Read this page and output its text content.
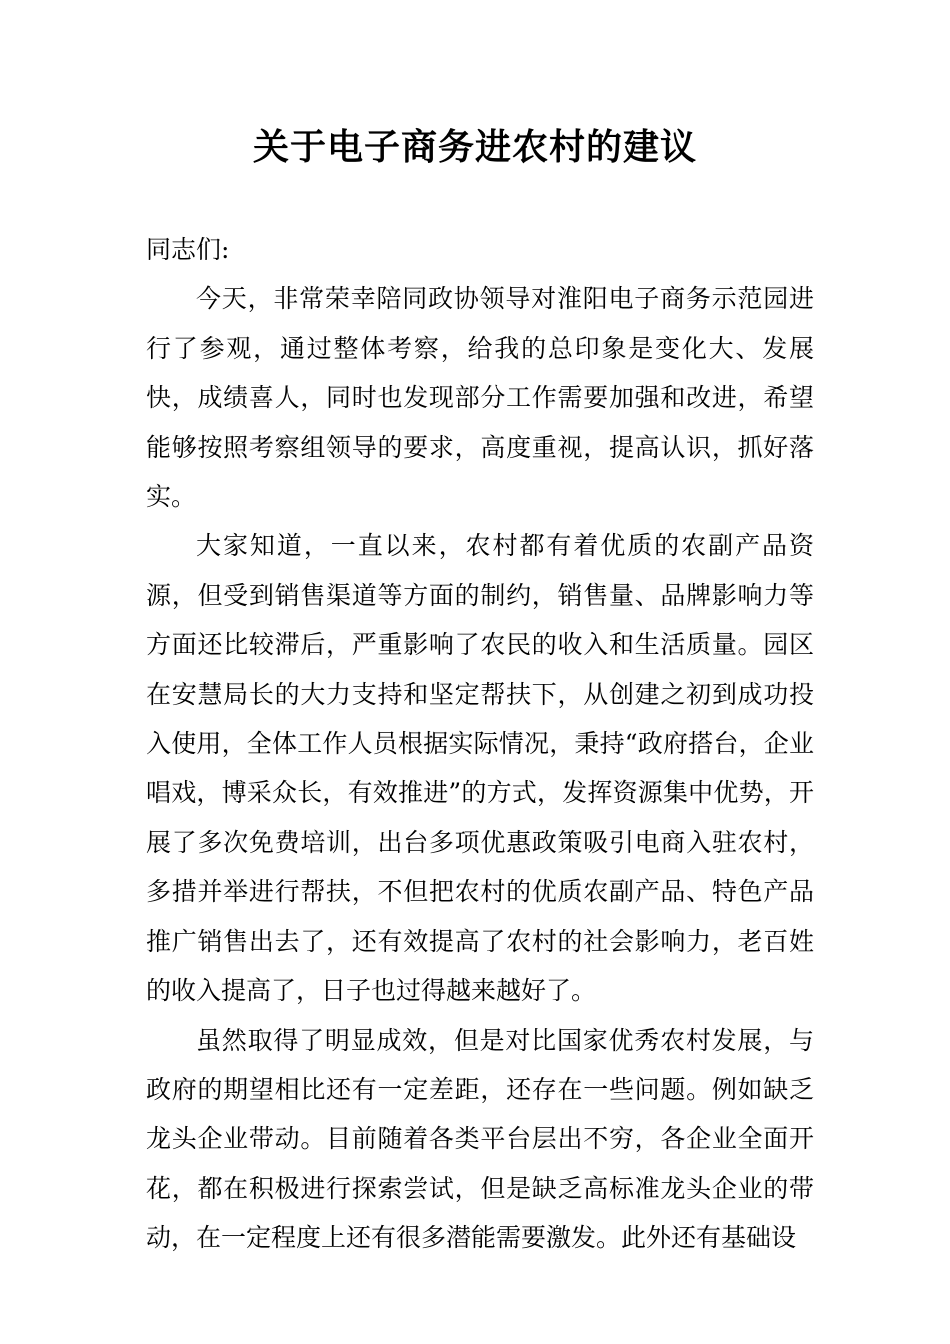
关于电子商务进农村的建议

同志们:

今天，非常荣幸陪同政协领导对淮阳电子商务示范园进行了参观，通过整体考察，给我的总印象是变化大、发展快，成绩喜人，同时也发现部分工作需要加强和改进，希望能够按照考察组领导的要求，高度重视，提高认识，抓好落实。

大家知道，一直以来，农村都有着优质的农副产品资源，但受到销售渠道等方面的制约，销售量、品牌影响力等方面还比较滞后，严重影响了农民的收入和生活质量。园区在安慧局长的大力支持和坚定帮扶下，从创建之初到成功投入使用，全体工作人员根据实际情况，秉持“政府搭台，企业唱戏，博采众长，有效推进”的方式，发挥资源集中优势，开展了多次免费培训，出台多项优惠政策吸引电商入驻农村，多措并举进行帮扶，不但把农村的优质农副产品、特色产品推广销售出去了，还有效提高了农村的社会影响力，老百姓的收入提高了，日子也过得越来越好了。

虽然取得了明显成效，但是对比国家优秀农村发展，与政府的期望相比还有一定差距，还存在一些问题。例如缺乏龙头企业带动。目前随着各类平台层出不穷，各企业全面开花，都在积极进行探索尝试，但是缺乏高标准龙头企业的带动，在一定程度上还有很多潜能需要激发。此外还有基础设
